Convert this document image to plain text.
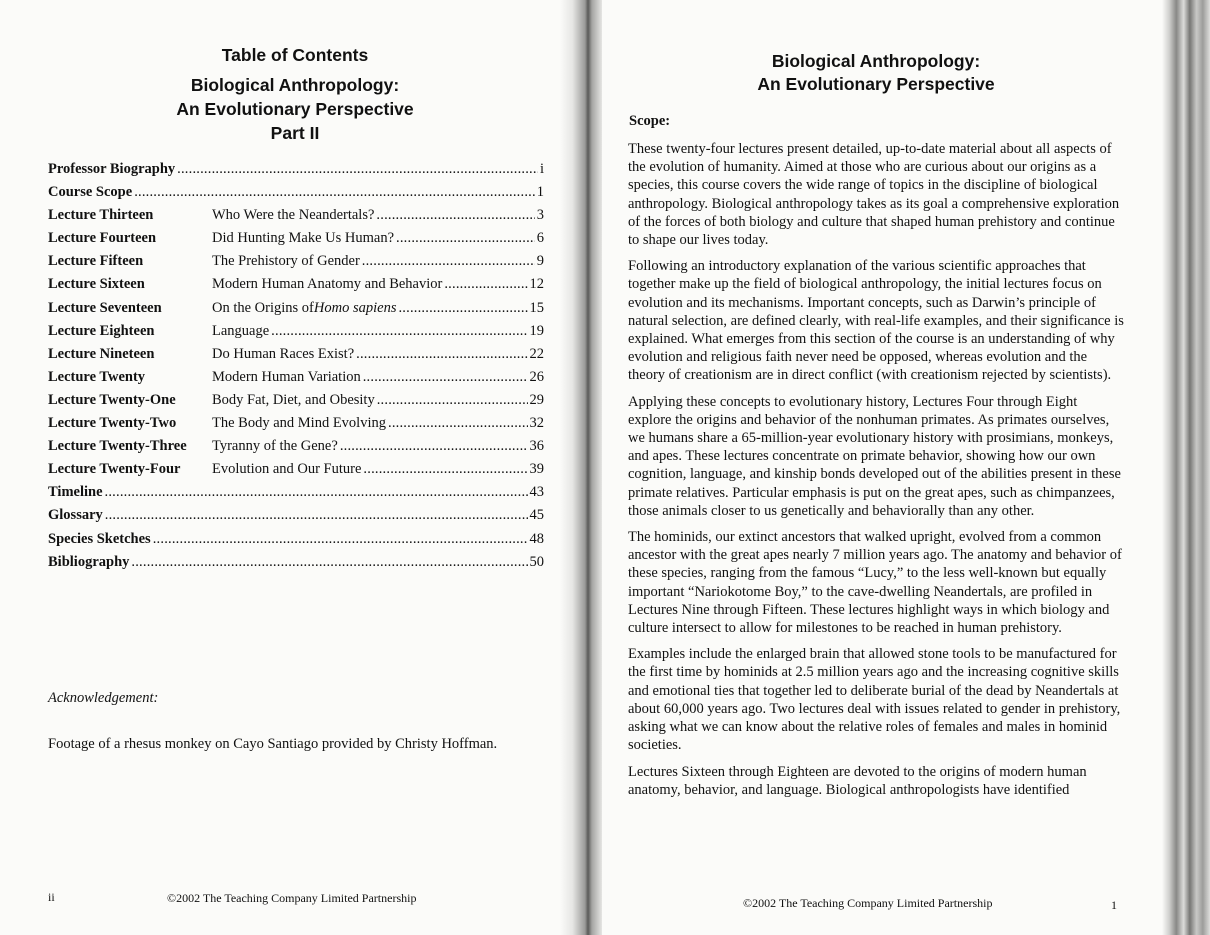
Table of Contents
Biological Anthropology:
An Evolutionary Perspective
Part II
Professor Biography .....	i
Course Scope .....	1
Lecture Thirteen	Who Were the Neandertals? .....	3
Lecture Fourteen	Did Hunting Make Us Human? .....	6
Lecture Fifteen	The Prehistory of Gender .....	9
Lecture Sixteen	Modern Human Anatomy and Behavior .....	12
Lecture Seventeen	On the Origins of Homo sapiens .....	15
Lecture Eighteen	Language .....	19
Lecture Nineteen	Do Human Races Exist? .....	22
Lecture Twenty	Modern Human Variation .....	26
Lecture Twenty-One	Body Fat, Diet, and Obesity .....	29
Lecture Twenty-Two	The Body and Mind Evolving .....	32
Lecture Twenty-Three	Tyranny of the Gene? .....	36
Lecture Twenty-Four	Evolution and Our Future .....	39
Timeline .....	43
Glossary .....	45
Species Sketches .....	48
Bibliography .....	50
Acknowledgement:
Footage of a rhesus monkey on Cayo Santiago provided by Christy Hoffman.
ii	©2002 The Teaching Company Limited Partnership
Biological Anthropology:
An Evolutionary Perspective
Scope:

These twenty-four lectures present detailed, up-to-date material about all aspects of the evolution of humanity. Aimed at those who are curious about our origins as a species, this course covers the wide range of topics in the discipline of biological anthropology. Biological anthropology takes as its goal a comprehensive exploration of the forces of both biology and culture that shaped human prehistory and continue to shape our lives today.

Following an introductory explanation of the various scientific approaches that together make up the field of biological anthropology, the initial lectures focus on evolution and its mechanisms. Important concepts, such as Darwin’s principle of natural selection, are defined clearly, with real-life examples, and their significance is explained. What emerges from this section of the course is an understanding of why evolution and religious faith never need be opposed, whereas evolution and the theory of creationism are in direct conflict (with creationism rejected by scientists).

Applying these concepts to evolutionary history, Lectures Four through Eight explore the origins and behavior of the nonhuman primates. As primates ourselves, we humans share a 65-million-year evolutionary history with prosimians, monkeys, and apes. These lectures concentrate on primate behavior, showing how our own cognition, language, and kinship bonds developed out of the abilities present in these primate relatives. Particular emphasis is put on the great apes, such as chimpanzees, those animals closer to us genetically and behaviorally than any other.

The hominids, our extinct ancestors that walked upright, evolved from a common ancestor with the great apes nearly 7 million years ago. The anatomy and behavior of these species, ranging from the famous “Lucy,” to the less well-known but equally important “Nariokotome Boy,” to the cave-dwelling Neandertals, are profiled in Lectures Nine through Fifteen. These lectures highlight ways in which biology and culture intersect to allow for milestones to be reached in human prehistory.

Examples include the enlarged brain that allowed stone tools to be manufactured for the first time by hominids at 2.5 million years ago and the increasing cognitive skills and emotional ties that together led to deliberate burial of the dead by Neandertals at about 60,000 years ago. Two lectures deal with issues related to gender in prehistory, asking what we can know about the relative roles of females and males in hominid societies.

Lectures Sixteen through Eighteen are devoted to the origins of modern human anatomy, behavior, and language. Biological anthropologists have identified

©2002 The Teaching Company Limited Partnership	1
